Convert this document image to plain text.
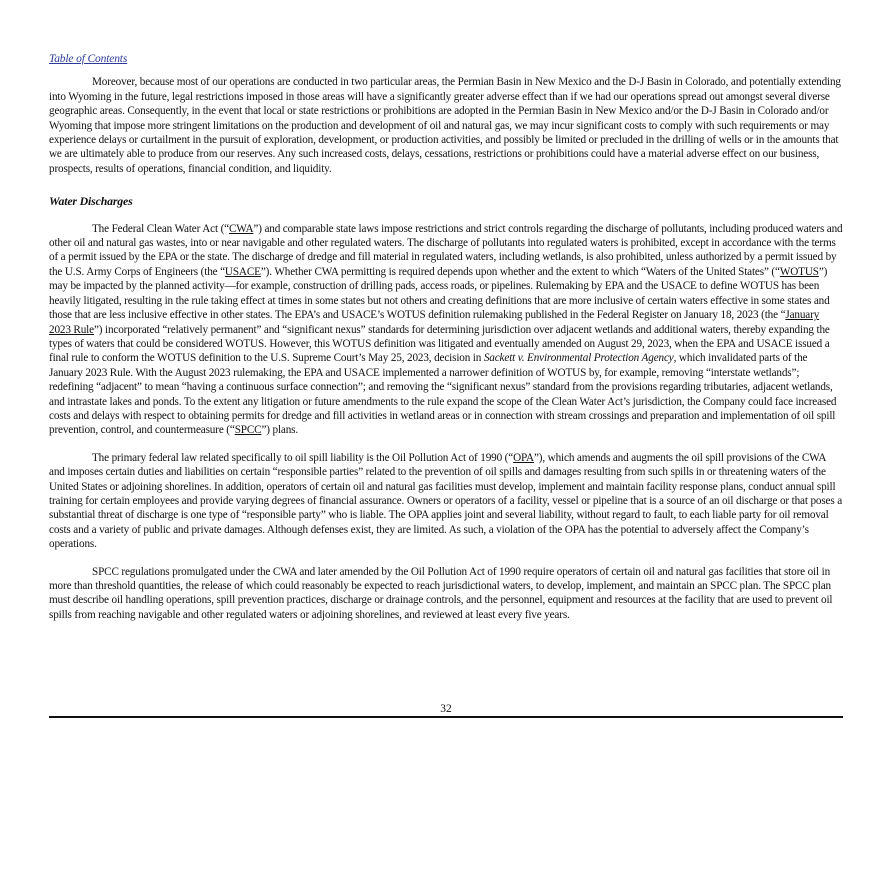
Table of Contents

Moreover, because most of our operations are conducted in two particular areas, the Permian Basin in New Mexico and the D-J Basin in Colorado, and potentially extending into Wyoming in the future, legal restrictions imposed in those areas will have a significantly greater adverse effect than if we had our operations spread out amongst several diverse geographic areas. Consequently, in the event that local or state restrictions or prohibitions are adopted in the Permian Basin in New Mexico and/or the D-J Basin in Colorado and/or Wyoming that impose more stringent limitations on the production and development of oil and natural gas, we may incur significant costs to comply with such requirements or may experience delays or curtailment in the pursuit of exploration, development, or production activities, and possibly be limited or precluded in the drilling of wells or in the amounts that we are ultimately able to produce from our reserves. Any such increased costs, delays, cessations, restrictions or prohibitions could have a material adverse effect on our business, prospects, results of operations, financial condition, and liquidity.

Water Discharges

The Federal Clean Water Act (“CWA”) and comparable state laws impose restrictions and strict controls regarding the discharge of pollutants, including produced waters and other oil and natural gas wastes, into or near navigable and other regulated waters. The discharge of pollutants into regulated waters is prohibited, except in accordance with the terms of a permit issued by the EPA or the state. The discharge of dredge and fill material in regulated waters, including wetlands, is also prohibited, unless authorized by a permit issued by the U.S. Army Corps of Engineers (the “USACE”). Whether CWA permitting is required depends upon whether and the extent to which “Waters of the United States” (“WOTUS”) may be impacted by the planned activity—for example, construction of drilling pads, access roads, or pipelines. Rulemaking by EPA and the USACE to define WOTUS has been heavily litigated, resulting in the rule taking effect at times in some states but not others and creating definitions that are more inclusive of certain waters effective in some states and those that are less inclusive effective in other states. The EPA’s and USACE’s WOTUS definition rulemaking published in the Federal Register on January 18, 2023 (the “January 2023 Rule”) incorporated “relatively permanent” and “significant nexus” standards for determining jurisdiction over adjacent wetlands and additional waters, thereby expanding the types of waters that could be considered WOTUS. However, this WOTUS definition was litigated and eventually amended on August 29, 2023, when the EPA and USACE issued a final rule to conform the WOTUS definition to the U.S. Supreme Court’s May 25, 2023, decision in Sackett v. Environmental Protection Agency, which invalidated parts of the January 2023 Rule. With the August 2023 rulemaking, the EPA and USACE implemented a narrower definition of WOTUS by, for example, removing “interstate wetlands”; redefining “adjacent” to mean “having a continuous surface connection”; and removing the “significant nexus” standard from the provisions regarding tributaries, adjacent wetlands, and intrastate lakes and ponds. To the extent any litigation or future amendments to the rule expand the scope of the Clean Water Act’s jurisdiction, the Company could face increased costs and delays with respect to obtaining permits for dredge and fill activities in wetland areas or in connection with stream crossings and preparation and implementation of oil spill prevention, control, and countermeasure (“SPCC”) plans.

The primary federal law related specifically to oil spill liability is the Oil Pollution Act of 1990 (“OPA”), which amends and augments the oil spill provisions of the CWA and imposes certain duties and liabilities on certain “responsible parties” related to the prevention of oil spills and damages resulting from such spills in or threatening waters of the United States or adjoining shorelines. In addition, operators of certain oil and natural gas facilities must develop, implement and maintain facility response plans, conduct annual spill training for certain employees and provide varying degrees of financial assurance. Owners or operators of a facility, vessel or pipeline that is a source of an oil discharge or that poses a substantial threat of discharge is one type of “responsible party” who is liable. The OPA applies joint and several liability, without regard to fault, to each liable party for oil removal costs and a variety of public and private damages. Although defenses exist, they are limited. As such, a violation of the OPA has the potential to adversely affect the Company’s operations.

SPCC regulations promulgated under the CWA and later amended by the Oil Pollution Act of 1990 require operators of certain oil and natural gas facilities that store oil in more than threshold quantities, the release of which could reasonably be expected to reach jurisdictional waters, to develop, implement, and maintain an SPCC plan. The SPCC plan must describe oil handling operations, spill prevention practices, discharge or drainage controls, and the personnel, equipment and resources at the facility that are used to prevent oil spills from reaching navigable and other regulated waters or adjoining shorelines, and reviewed at least every five years.

32
